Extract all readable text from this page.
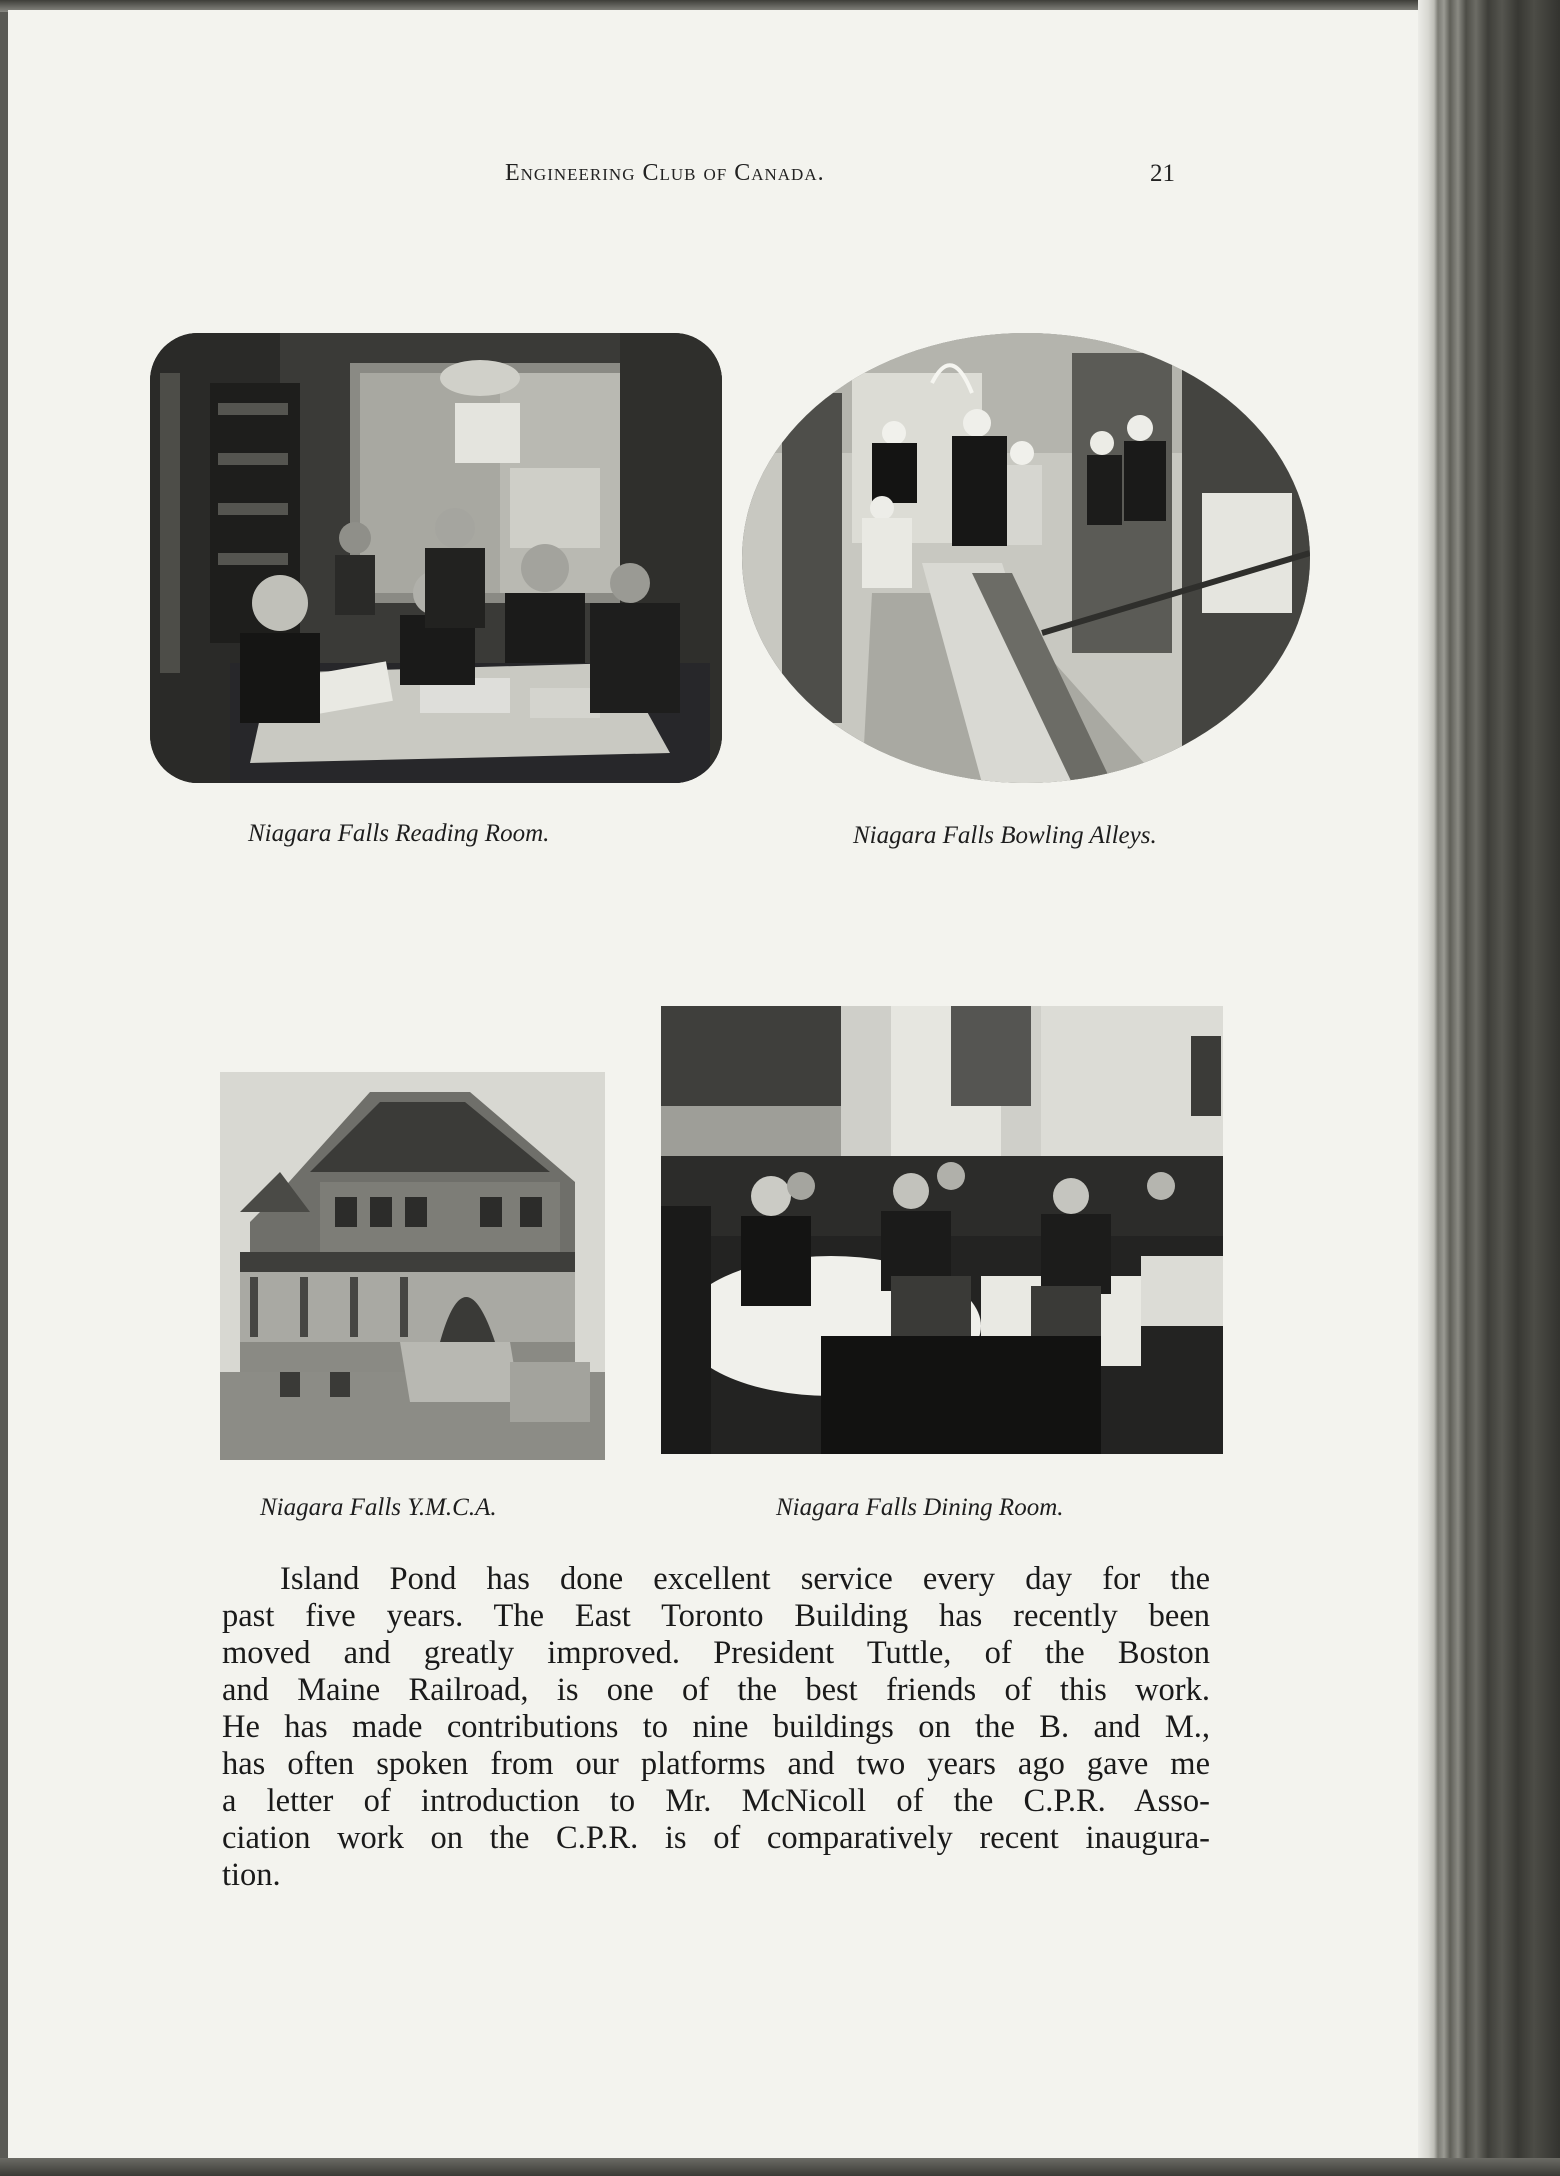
Engineering Club of Canada.	21
Niagara Falls Reading Room.	Niagara Falls Bowling Alleys.
Niagara Falls Y.M.C.A.	Niagara Falls Dining Room.
Island Pond has done excellent service every day for the
past five years. The East Toronto Building has recently been
moved and greatly improved. President Tuttle, of the Boston
and Maine Railroad, is one of the best friends of this work.
He has made contributions to nine buildings on the B. and M.,
has often spoken from our platforms and two years ago gave me
a letter of introduction to Mr. McNicoll of the C.P.R. Asso-
ciation work on the C.P.R. is of comparatively recent inaugura-
tion.
